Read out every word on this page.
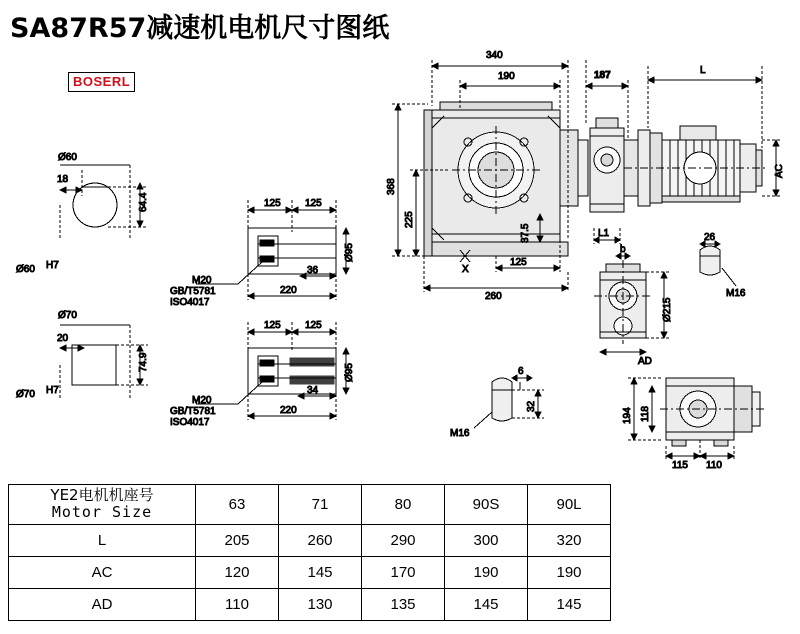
SA87R57减速机电机尺寸图纸
BOSERL
18
Ø60
64.4
Ø60 H7
20
Ø70
74.9
Ø70 H7
125 125
36
220
Ø95
M20
GB/T5781
ISO4017
125 125
34
220
Ø95
M20
GB/T5781
ISO4017
X
340
190
368
225
125
260
37.5
187	L
AC
L1	26
M16
b
Ø215
AD
6
32
M16
194 118
115 110
YE2电机机座号
Motor Size	63	71	80	90S	90L
L	205	260	290	300	320
AC	120	145	170	190	190
AD	110	130	135	145	145
